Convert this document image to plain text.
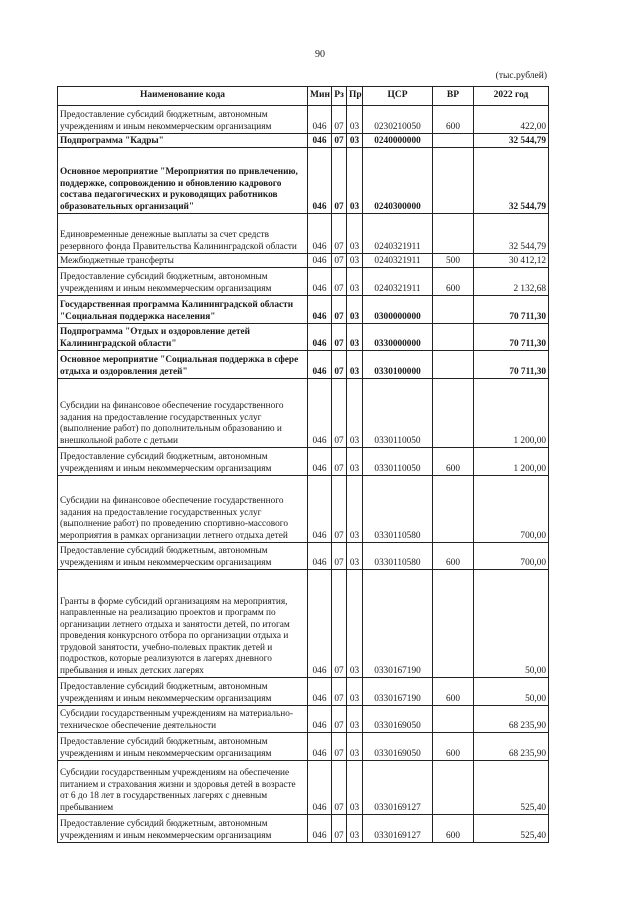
90
(тыс.рублей)
Наименование кода	Мин	Рз	Пр	ЦСР	ВР	2022 год
Предоставление субсидий бюджетным, автономным учреждениям и иным некоммерческим организациям	046	07	03	0230210050	600	422,00
Подпрограмма "Кадры"	046	07	03	0240000000		32 544,79
Основное мероприятие "Мероприятия по привлечению, поддержке, сопровождению и обновлению кадрового состава педагогических и руководящих работников образовательных организаций"	046	07	03	0240300000		32 544,79
Единовременные денежные выплаты за счет средств резервного фонда Правительства Калининградской области	046	07	03	0240321911		32 544,79
Межбюджетные трансферты	046	07	03	0240321911	500	30 412,12
Предоставление субсидий бюджетным, автономным учреждениям и иным некоммерческим организациям	046	07	03	0240321911	600	2 132,68
Государственная программа Калининградской области "Социальная поддержка населения"	046	07	03	0300000000		70 711,30
Подпрограмма "Отдых и оздоровление детей Калининградской области"	046	07	03	0330000000		70 711,30
Основное мероприятие "Социальная поддержка в сфере отдыха и оздоровления детей"	046	07	03	0330100000		70 711,30
Субсидии на финансовое обеспечение государственного задания на предоставление государственных услуг (выполнение работ) по дополнительным образованию и внешкольной работе с детьми	046	07	03	0330110050		1 200,00
Предоставление субсидий бюджетным, автономным учреждениям и иным некоммерческим организациям	046	07	03	0330110050	600	1 200,00
Субсидии на финансовое обеспечение государственного задания на предоставление государственных услуг (выполнение работ) по проведению спортивно-массового мероприятия в рамках организации летнего отдыха детей	046	07	03	0330110580		700,00
Предоставление субсидий бюджетным, автономным учреждениям и иным некоммерческим организациям	046	07	03	0330110580	600	700,00
Гранты в форме субсидий организациям на мероприятия, направленные на реализацию проектов и программ по организации летнего отдыха и занятости детей, по итогам проведения конкурсного отбора по организации отдыха и трудовой занятости, учебно-полевых практик детей и подростков, которые реализуются в лагерях дневного пребывания и иных детских лагерях	046	07	03	0330167190		50,00
Предоставление субсидий бюджетным, автономным учреждениям и иным некоммерческим организациям	046	07	03	0330167190	600	50,00
Субсидии государственным учреждениям на материально-техническое обеспечение деятельности	046	07	03	0330169050		68 235,90
Предоставление субсидий бюджетным, автономным учреждениям и иным некоммерческим организациям	046	07	03	0330169050	600	68 235,90
Субсидии государственным учреждениям на обеспечение питанием и страхования жизни и здоровья детей в возрасте от 6 до 18 лет в государственных лагерях с дневным пребыванием	046	07	03	0330169127		525,40
Предоставление субсидий бюджетным, автономным учреждениям и иным некоммерческим организациям	046	07	03	0330169127	600	525,40
